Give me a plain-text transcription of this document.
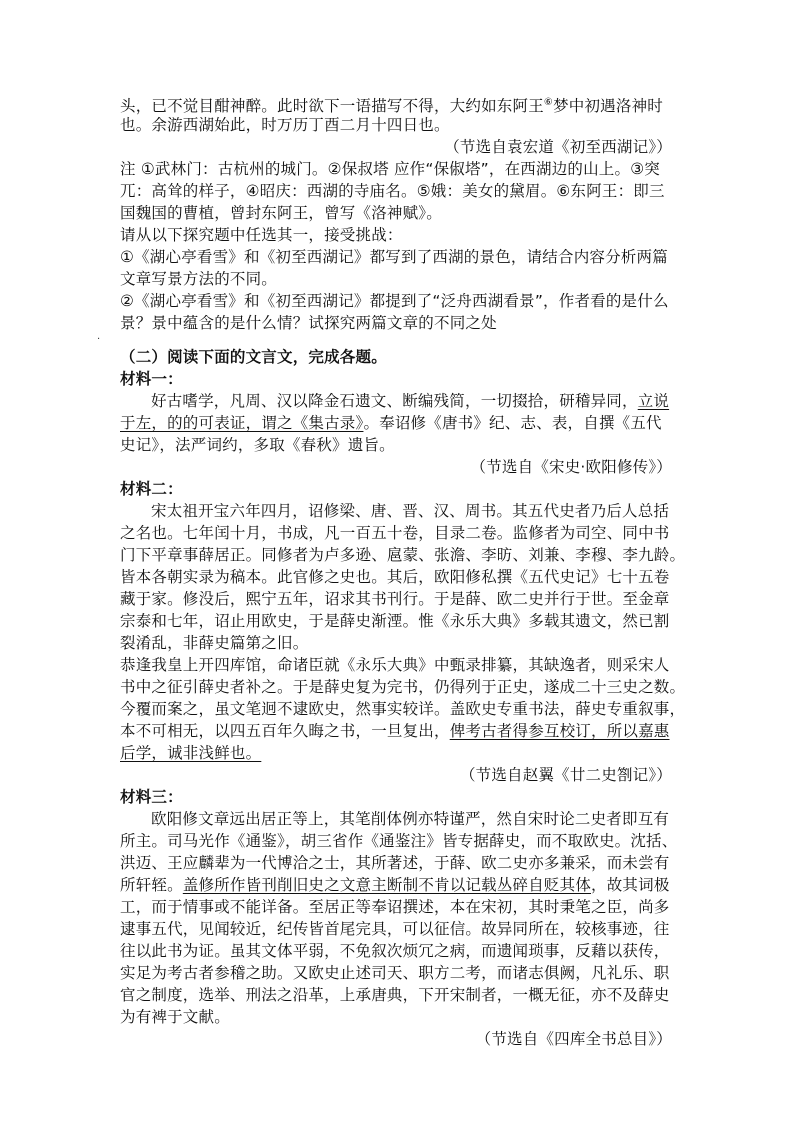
头，已不觉目酣神醉。此时欲下一语描写不得，大约如东阿王⑥梦中初遇洛神时
也。余游西湖始此，时万历丁酉二月十四日也。
（节选自袁宏道《初至西湖记》）
注 ①武林门：古杭州的城门。②保叔塔 应作“保俶塔”，在西湖边的山上。③突
兀：高耸的样子，④昭庆：西湖的寺庙名。⑤娥：美女的黛眉。⑥东阿王：即三
国魏国的曹植，曾封东阿王，曾写《洛神赋》。
请从以下探究题中任选其一，接受挑战：
①《湖心亭看雪》和《初至西湖记》都写到了西湖的景色，请结合内容分析两篇
文章写景方法的不同。
②《湖心亭看雪》和《初至西湖记》都提到了“泛舟西湖看景”，作者看的是什么
景？景中蕴含的是什么情？试探究两篇文章的不同之处
·
（二）阅读下面的文言文，完成各题。
材料一：
好古嗜学，凡周、汉以降金石遗文、断编残简，一切掇拾，研稽异同，立说
于左，的的可表证，谓之《集古录》。奉诏修《唐书》纪、志、表，自撰《五代
史记》，法严词约，多取《春秋》遗旨。
（节选自《宋史·欧阳修传》）
材料二：
宋太祖开宝六年四月，诏修梁、唐、晋、汉、周书。其五代史者乃后人总括
之名也。七年闰十月，书成，凡一百五十卷，目录二卷。监修者为司空、同中书
门下平章事薛居正。同修者为卢多逊、扈蒙、张澹、李昉、刘兼、李穆、李九龄。
皆本各朝实录为稿本。此官修之史也。其后，欧阳修私撰《五代史记》七十五卷
藏于家。修没后，熙宁五年，诏求其书刊行。于是薛、欧二史并行于世。至金章
宗泰和七年，诏止用欧史，于是薛史渐湮。惟《永乐大典》多载其遗文，然已割
裂淆乱，非薛史篇第之旧。
恭逢我皇上开四库馆，命诸臣就《永乐大典》中甄录排纂，其缺逸者，则采宋人
书中之征引薛史者补之。于是薛史复为完书，仍得列于正史，遂成二十三史之数。
今覆而案之，虽文笔迥不逮欧史，然事实较详。盖欧史专重书法，薛史专重叙事，
本不可相无，以四五百年久晦之书，一旦复出，俾考古者得参互校订，所以嘉惠
后学，诚非浅鲜也。
（节选自赵翼《廿二史劄记》）
材料三：
欧阳修文章远出居正等上，其笔削体例亦特谨严，然自宋时论二史者即互有
所主。司马光作《通鉴》，胡三省作《通鉴注》皆专据薛史，而不取欧史。沈括、
洪迈、王应麟辈为一代博洽之士，其所著述，于薛、欧二史亦多兼采，而未尝有
所轩轾。盖修所作皆刊削旧史之文意主断制不肯以记载丛碎自贬其体，故其词极
工，而于情事或不能详备。至居正等奉诏撰述，本在宋初，其时秉笔之臣，尚多
逮事五代，见闻较近，纪传皆首尾完具，可以征信。故异同所在，较核事迹，往
往以此书为证。虽其文体平弱，不免叙次烦冗之病，而遗闻琐事，反藉以获传，
实足为考古者参稽之助。又欧史止述司天、职方二考，而诸志俱阙，凡礼乐、职
官之制度，选举、刑法之沿革，上承唐典，下开宋制者，一概无征，亦不及薛史
为有裨于文献。
（节选自《四库全书总目》）
